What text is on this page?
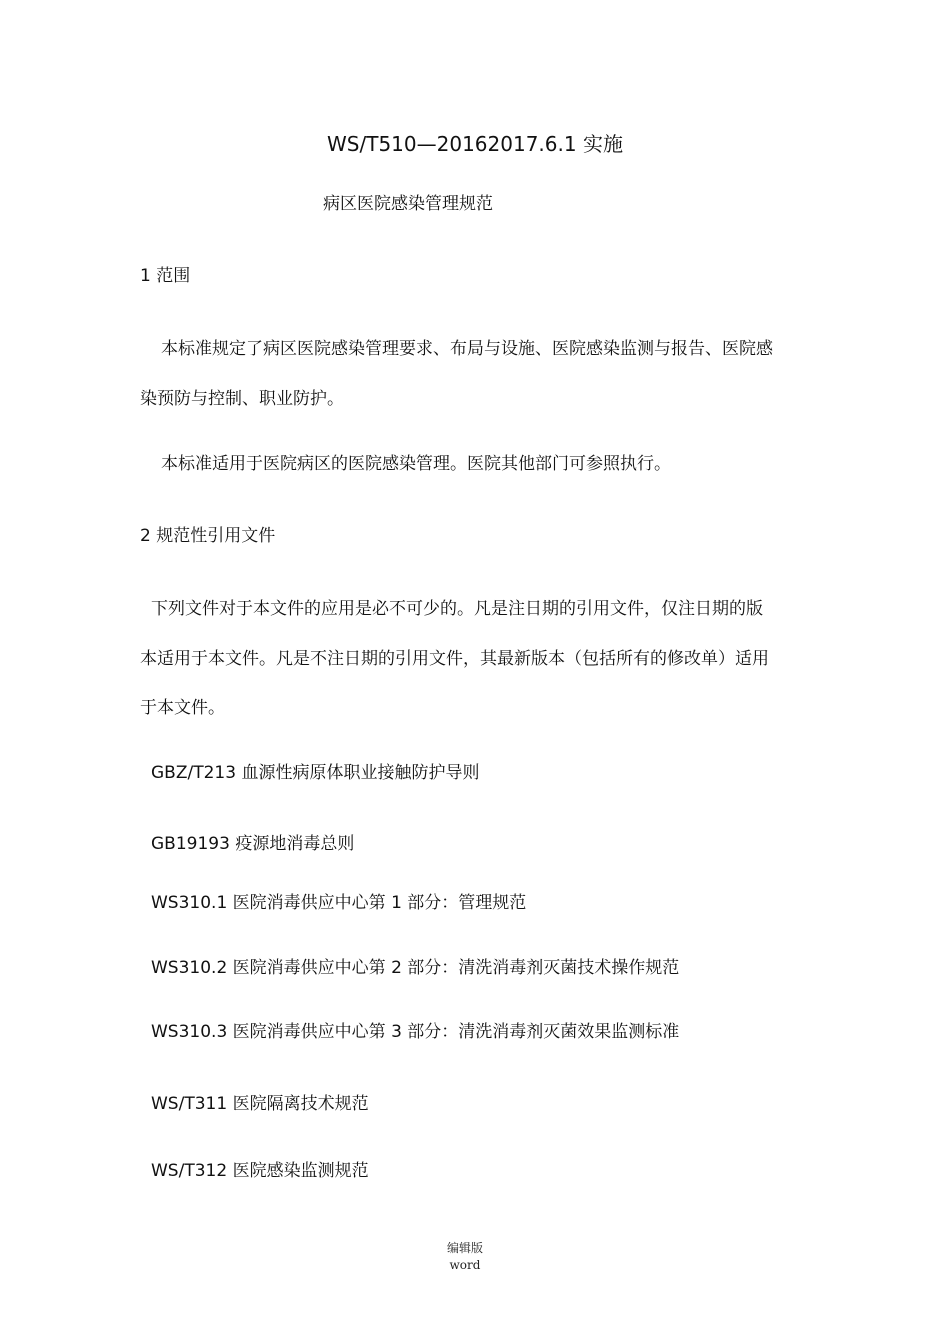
WS/T510—20162017.6.1 实施
病区医院感染管理规范
1 范围
本标准规定了病区医院感染管理要求、布局与设施、医院感染监测与报告、医院感
染预防与控制、职业防护。
本标准适用于医院病区的医院感染管理。医院其他部门可参照执行。
2 规范性引用文件
下列文件对于本文件的应用是必不可少的。凡是注日期的引用文件，仅注日期的版
本适用于本文件。凡是不注日期的引用文件，其最新版本（包括所有的修改单）适用
于本文件。
GBZ/T213 血源性病原体职业接触防护导则
GB19193 疫源地消毒总则
WS310.1 医院消毒供应中心第 1 部分：管理规范
WS310.2 医院消毒供应中心第 2 部分：清洗消毒剂灭菌技术操作规范
WS310.3 医院消毒供应中心第 3 部分：清洗消毒剂灭菌效果监测标准
WS/T311 医院隔离技术规范
WS/T312 医院感染监测规范
编辑版
word
